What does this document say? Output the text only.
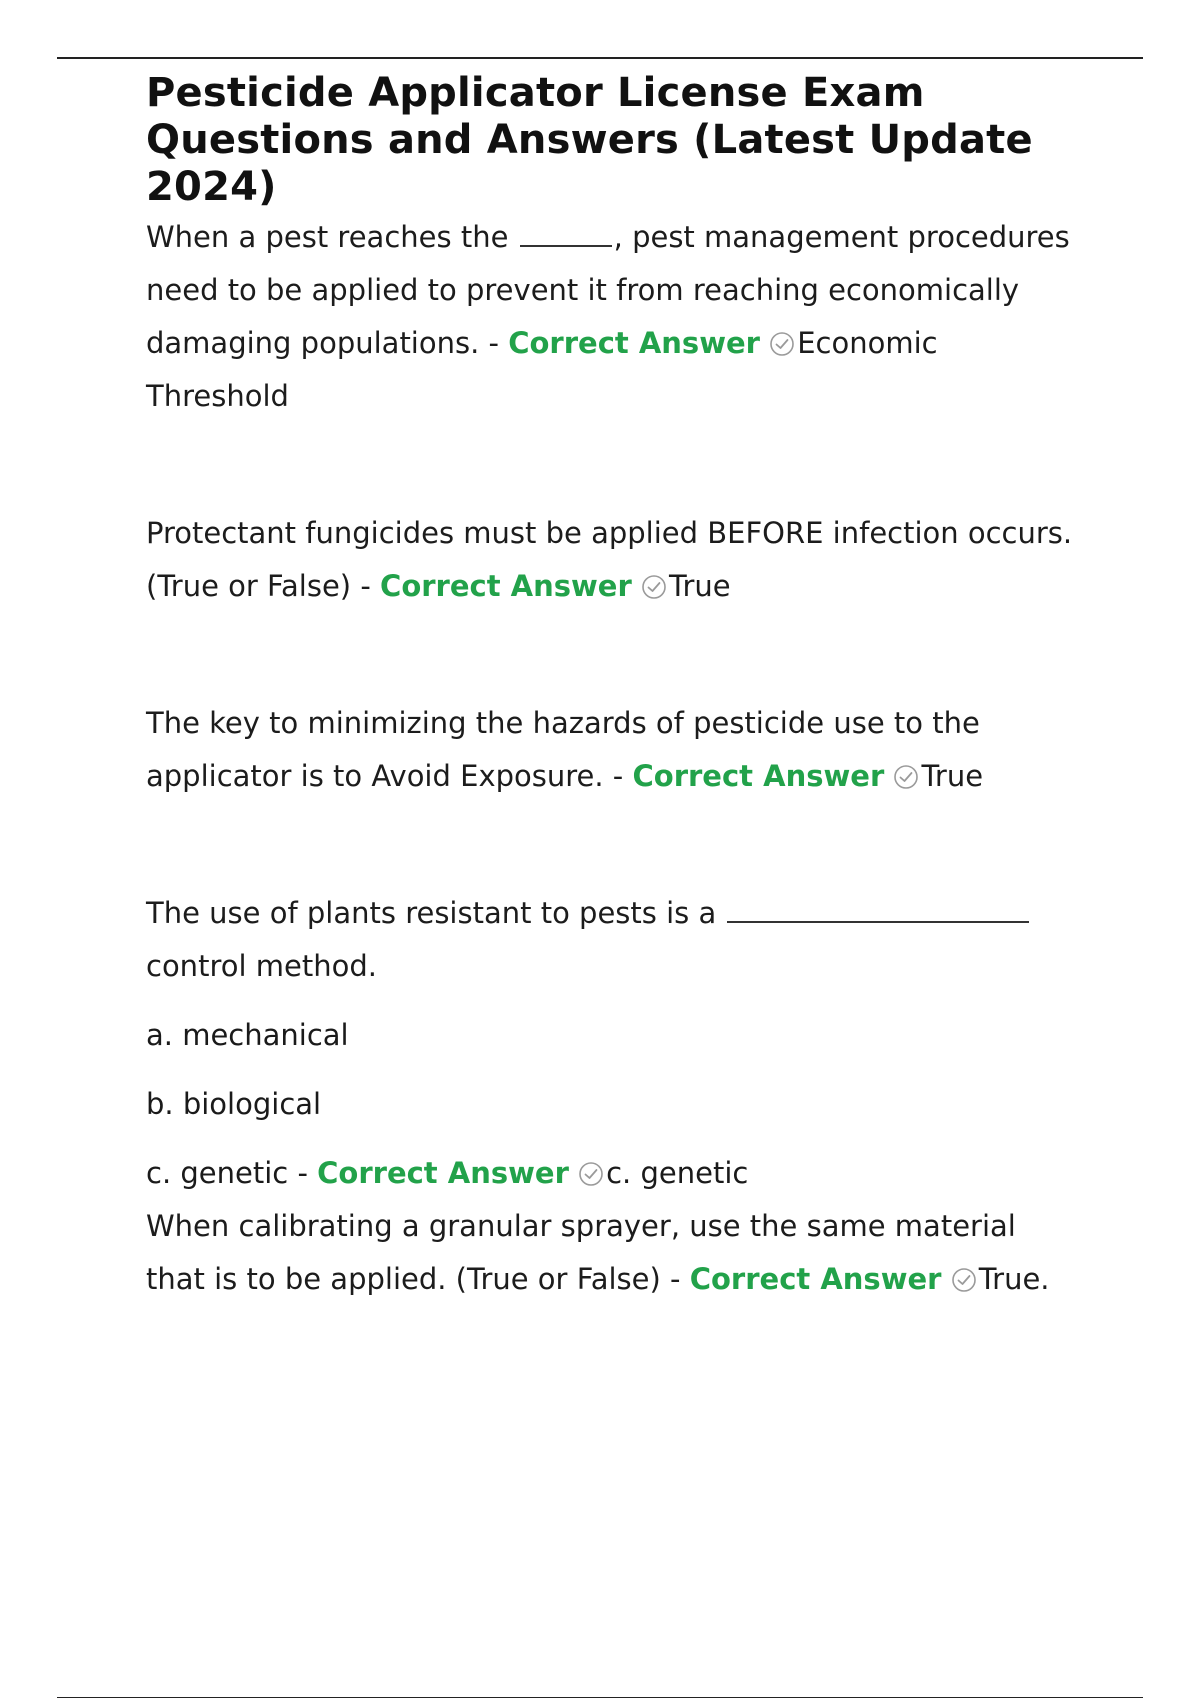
Pesticide Applicator License Exam Questions and Answers (Latest Update 2024)

When a pest reaches the	, pest management procedures need to be applied to prevent it from reaching economically damaging populations. - Correct Answer Economic Threshold

Protectant fungicides must be applied BEFORE infection occurs. (True or False) - Correct Answer True

The key to minimizing the hazards of pesticide use to the applicator is to Avoid Exposure. - Correct Answer True

The use of plants resistant to pests is a  control method.

a. mechanical

b. biological

c. genetic - Correct Answer c. genetic

When calibrating a granular sprayer, use the same material that is to be applied. (True or False) - Correct Answer True.
